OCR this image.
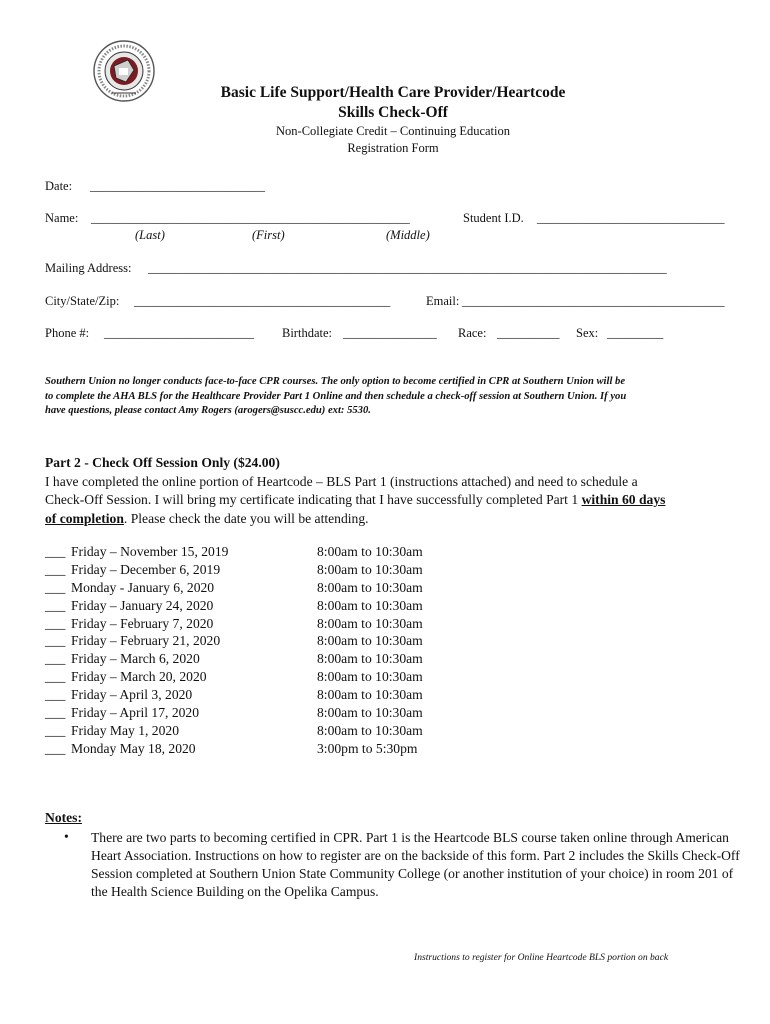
Basic Life Support/Health Care Provider/Heartcode
Skills Check-Off
Non-Collegiate Credit – Continuing Education
Registration Form
Date: ____________________________
Name: ___________________________________________________	Student I.D. ______________________________
(Last)	(First)	(Middle)
Mailing Address: ___________________________________________________________________________________
City/State/Zip: _________________________________________	Email: __________________________________________
Phone #: ________________________ Birthdate: _______________ Race: __________ Sex: _________
Southern Union no longer conducts face-to-face CPR courses. The only option to become certified in CPR at Southern Union will be
to complete the AHA BLS for the Healthcare Provider Part 1 Online and then schedule a check-off session at Southern Union. If you
have questions, please contact Amy Rogers (arogers@suscc.edu) ext: 5530.
Part 2 - Check Off Session Only ($24.00)
I have completed the online portion of Heartcode – BLS Part 1 (instructions attached) and need to schedule a
Check-Off Session. I will bring my certificate indicating that I have successfully completed Part 1 within 60 days
of completion. Please check the date you will be attending.
___ Friday – November 15, 2019	8:00am to 10:30am
___ Friday – December 6, 2019	8:00am to 10:30am
___ Monday - January 6, 2020	8:00am to 10:30am
___ Friday – January 24, 2020	8:00am to 10:30am
___ Friday – February 7, 2020	8:00am to 10:30am
___ Friday – February 21, 2020	8:00am to 10:30am
___ Friday – March 6, 2020	8:00am to 10:30am
___ Friday – March 20, 2020	8:00am to 10:30am
___ Friday – April 3, 2020	8:00am to 10:30am
___ Friday – April 17, 2020	8:00am to 10:30am
___ Friday May 1, 2020	8:00am to 10:30am
___ Monday May 18, 2020	3:00pm to 5:30pm
Notes:
• There are two parts to becoming certified in CPR. Part 1 is the Heartcode BLS course taken online through American Heart Association. Instructions on how to register are on the backside of this form. Part 2 includes the Skills Check-Off Session completed at Southern Union State Community College (or another institution of your choice) in room 201 of the Health Science Building on the Opelika Campus.
Instructions to register for Online Heartcode BLS portion on back
